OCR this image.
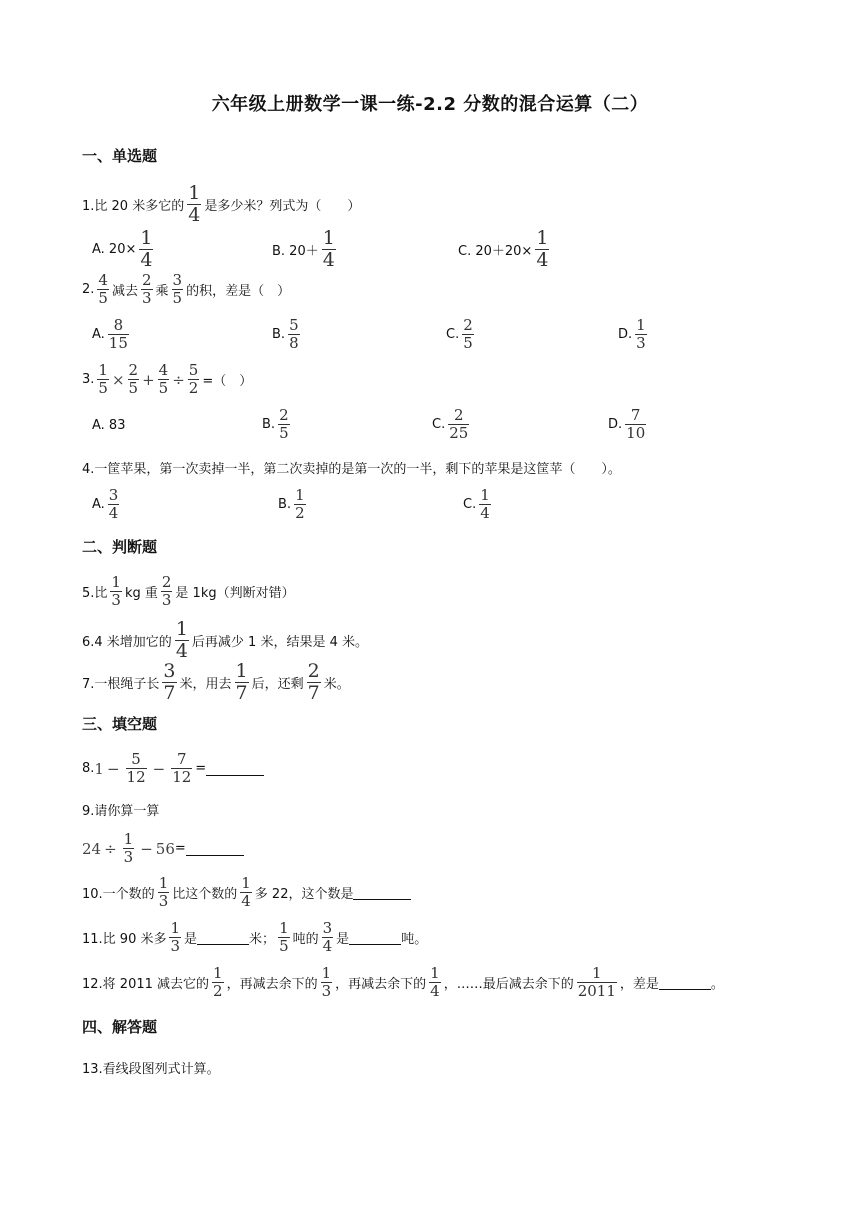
六年级上册数学一课一练-2.2 分数的混合运算（二）
一、单选题
1.比 20 米多它的 $\frac{1}{4}$ 是多少米？列式为（　　）
A. $20\times \frac{1}{4}$	B. $20+ \frac{1}{4}$	C. $20+20\times \frac{1}{4}$
2. $\frac{4}{5}$ 减去 $\frac{2}{3}$ 乘 $\frac{3}{5}$ 的积，差是（　）
A. $\frac{8}{15}$	B. $\frac{5}{8}$	C. $\frac{2}{5}$	D. $\frac{1}{3}$
3. $\frac{1}{5} \times \frac{2}{5} + \frac{4}{5} \div \frac{5}{2}$ =（　）
A. 83	B. $\frac{2}{5}$	C. $\frac{2}{25}$	D. $\frac{7}{10}$
4.一筐苹果，第一次卖掉一半，第二次卖掉的是第一次的一半，剩下的苹果是这筐苹（　　）。
A. $\frac{3}{4}$	B. $\frac{1}{2}$	C. $\frac{1}{4}$
二、判断题
5.比 $\frac{1}{3}$ kg 重 $\frac{2}{3}$ 是 1kg（判断对错）
6.4 米增加它的 $\frac{1}{4}$ 后再减少 1 米，结果是 4 米。
7.一根绳子长 $\frac{3}{7}$ 米，用去 $\frac{1}{7}$ 后，还剩 $\frac{2}{7}$ 米。
三、填空题
8. $1 - \frac{5}{12} - \frac{7}{12}$ =
9.请你算一算
$24 \div \frac{1}{3} - 56$ =
10.一个数的 $\frac{1}{3}$ 比这个数的 $\frac{1}{4}$ 多 22，这个数是
11.比 90 米多 $\frac{1}{3}$ 是	米； $\frac{1}{5}$ 吨的 $\frac{3}{4}$ 是	吨。
12.将 2011 减去它的 $\frac{1}{2}$ ，再减去余下的 $\frac{1}{3}$ ，再减去余下的 $\frac{1}{4}$ ，……最后减去余下的 $\frac{1}{2011}$ ，差是	。
四、解答题
13.看线段图列式计算。
